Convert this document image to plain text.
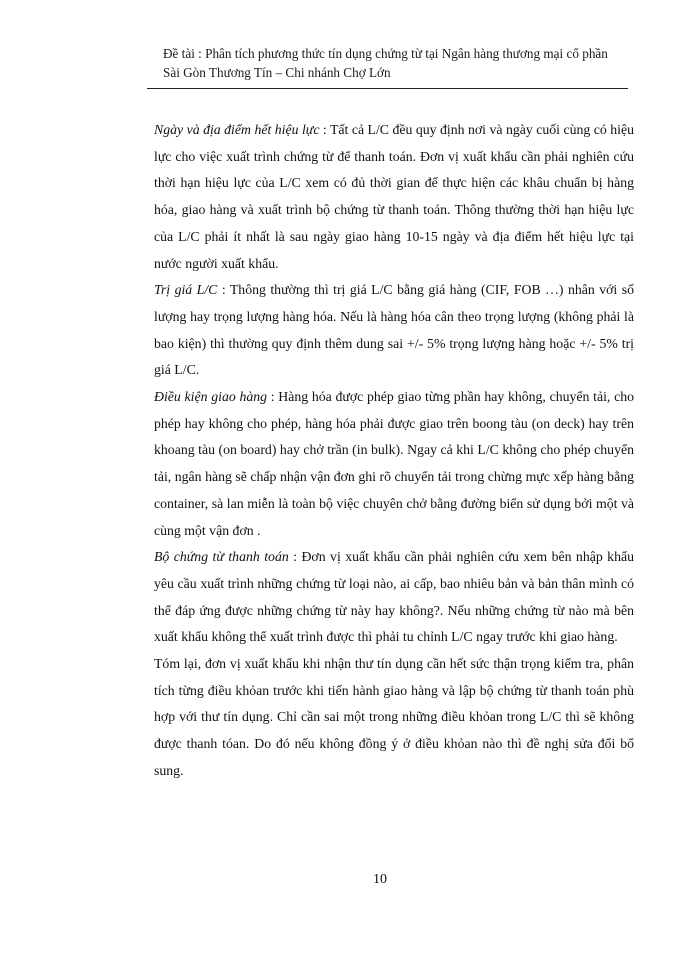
Đề tài : Phân tích phương thức tín dụng chứng từ tại Ngân hàng thương mại cổ phần
Sài Gòn Thương Tín – Chi nhánh Chợ Lớn

Ngày và địa điểm hết hiệu lực : Tất cả L/C đều quy định nơi và ngày cuối cùng có hiệu lực cho việc xuất trình chứng từ để thanh toán. Đơn vị xuất khẩu cần phải nghiên cứu thời hạn hiệu lực của L/C xem có đủ thời gian để thực hiện các khâu chuẩn bị hàng hóa, giao hàng và xuất trình bộ chứng từ thanh toán. Thông thường thời hạn hiệu lực của L/C phải ít nhất là sau ngày giao hàng 10-15 ngày và địa điểm hết hiệu lực tại nước người xuất khẩu.

Trị giá L/C : Thông thường thì trị giá L/C bằng giá hàng (CIF, FOB …) nhân với số lượng hay trọng lượng hàng hóa. Nếu là hàng hóa cân theo trọng lượng (không phải là bao kiện) thì thường quy định thêm dung sai +/- 5% trọng lượng hàng hoặc +/- 5% trị giá L/C.

Điều kiện giao hàng : Hàng hóa được phép giao từng phần hay không, chuyển tải, cho phép hay không cho phép, hàng hóa phải được giao trên boong tàu (on deck) hay trên khoang tàu (on board) hay chở trần (in bulk). Ngay cả khi L/C không cho phép chuyển tải, ngân hàng sẽ chấp nhận vận đơn ghi rõ chuyển tải trong chừng mực xếp hàng bằng container, sà lan miễn là toàn bộ việc chuyên chở bằng đường biển sử dụng bởi một và cùng một vận đơn .

Bộ chứng từ thanh toán : Đơn vị xuất khẩu cần phải nghiên cứu xem bên nhập khẩu yêu cầu xuất trình những chứng từ loại nào, ai cấp, bao nhiêu bản và bản thân mình có thể đáp ứng được những chứng từ này hay không?. Nếu những chứng từ nào mà bên xuất khẩu không thể xuất trình được thì phải tu chỉnh L/C ngay trước khi giao hàng.

Tóm lại, đơn vị xuất khẩu khi nhận thư tín dụng cần hết sức thận trọng kiểm tra, phân tích từng điều khỏan trước khi tiến hành giao hàng và lập bộ chứng từ thanh toán phù hợp với thư tín dụng. Chỉ cần sai một trong những điều khỏan trong L/C thì sẽ không được thanh tóan. Do đó nếu không đồng ý ở điều khỏan nào thì đề nghị sửa đổi bổ sung.

10
